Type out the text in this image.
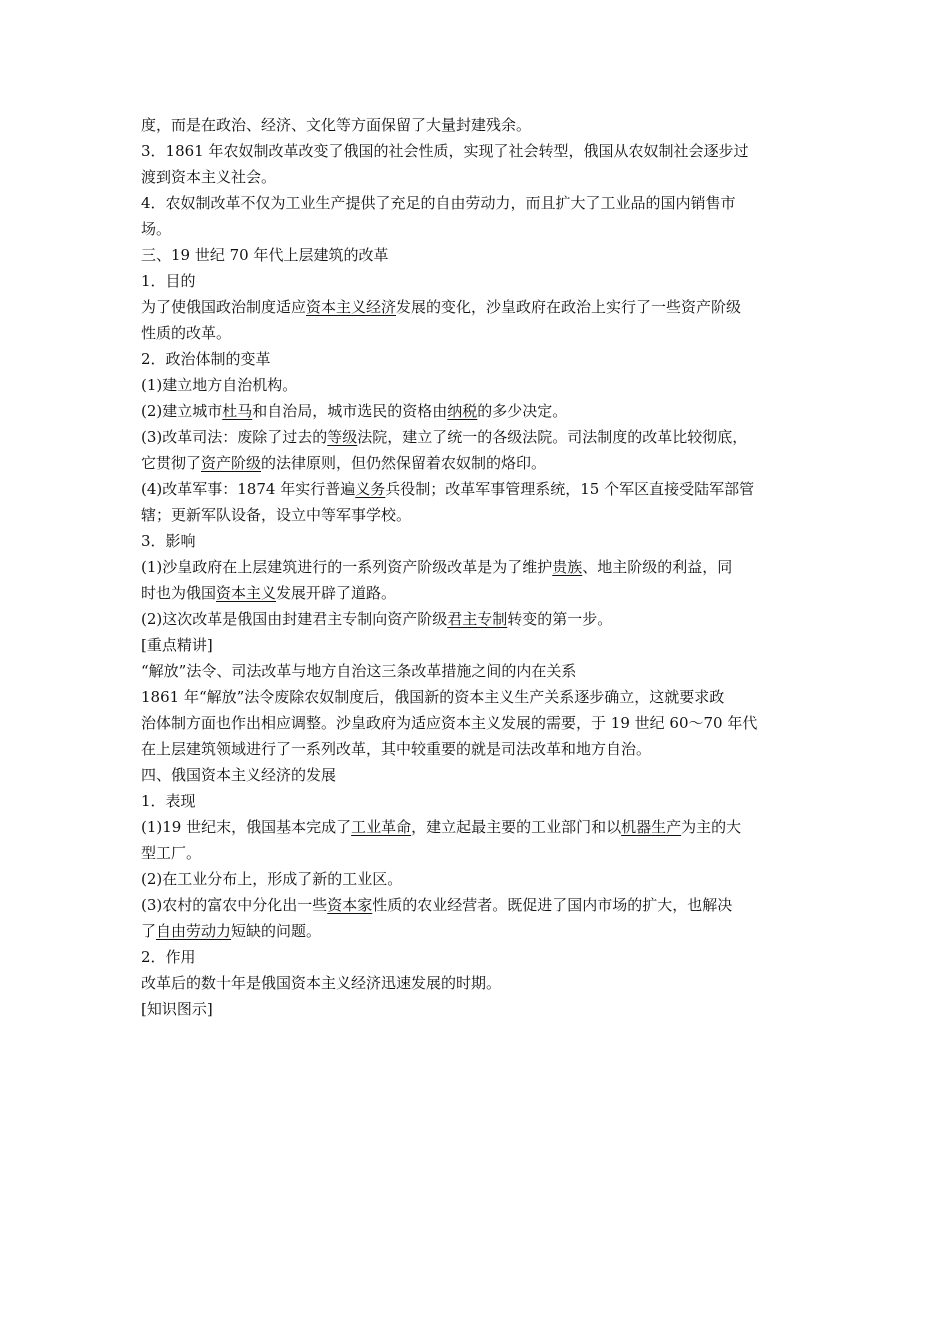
度，而是在政治、经济、文化等方面保留了大量封建残余。
3．1861 年农奴制改革改变了俄国的社会性质，实现了社会转型，俄国从农奴制社会逐步过
渡到资本主义社会。
4．农奴制改革不仅为工业生产提供了充足的自由劳动力，而且扩大了工业品的国内销售市
场。
三、19 世纪 70 年代上层建筑的改革
1．目的
为了使俄国政治制度适应资本主义经济发展的变化，沙皇政府在政治上实行了一些资产阶级
性质的改革。
2．政治体制的变革
(1)建立地方自治机构。
(2)建立城市杜马和自治局，城市选民的资格由纳税的多少决定。
(3)改革司法：废除了过去的等级法院，建立了统一的各级法院。司法制度的改革比较彻底，
它贯彻了资产阶级的法律原则，但仍然保留着农奴制的烙印。
(4)改革军事：1874 年实行普遍义务兵役制；改革军事管理系统，15 个军区直接受陆军部管
辖；更新军队设备，设立中等军事学校。
3．影响
(1)沙皇政府在上层建筑进行的一系列资产阶级改革是为了维护贵族、地主阶级的利益，同
时也为俄国资本主义发展开辟了道路。
(2)这次改革是俄国由封建君主专制向资产阶级君主专制转变的第一步。
[重点精讲]
“解放”法令、司法改革与地方自治这三条改革措施之间的内在关系
1861 年“解放”法令废除农奴制度后，俄国新的资本主义生产关系逐步确立，这就要求政
治体制方面也作出相应调整。沙皇政府为适应资本主义发展的需要，于 19 世纪 60～70 年代
在上层建筑领域进行了一系列改革，其中较重要的就是司法改革和地方自治。
四、俄国资本主义经济的发展
1．表现
(1)19 世纪末，俄国基本完成了工业革命，建立起最主要的工业部门和以机器生产为主的大
型工厂。
(2)在工业分布上，形成了新的工业区。
(3)农村的富农中分化出一些资本家性质的农业经营者。既促进了国内市场的扩大，也解决
了自由劳动力短缺的问题。
2．作用
改革后的数十年是俄国资本主义经济迅速发展的时期。
[知识图示]
